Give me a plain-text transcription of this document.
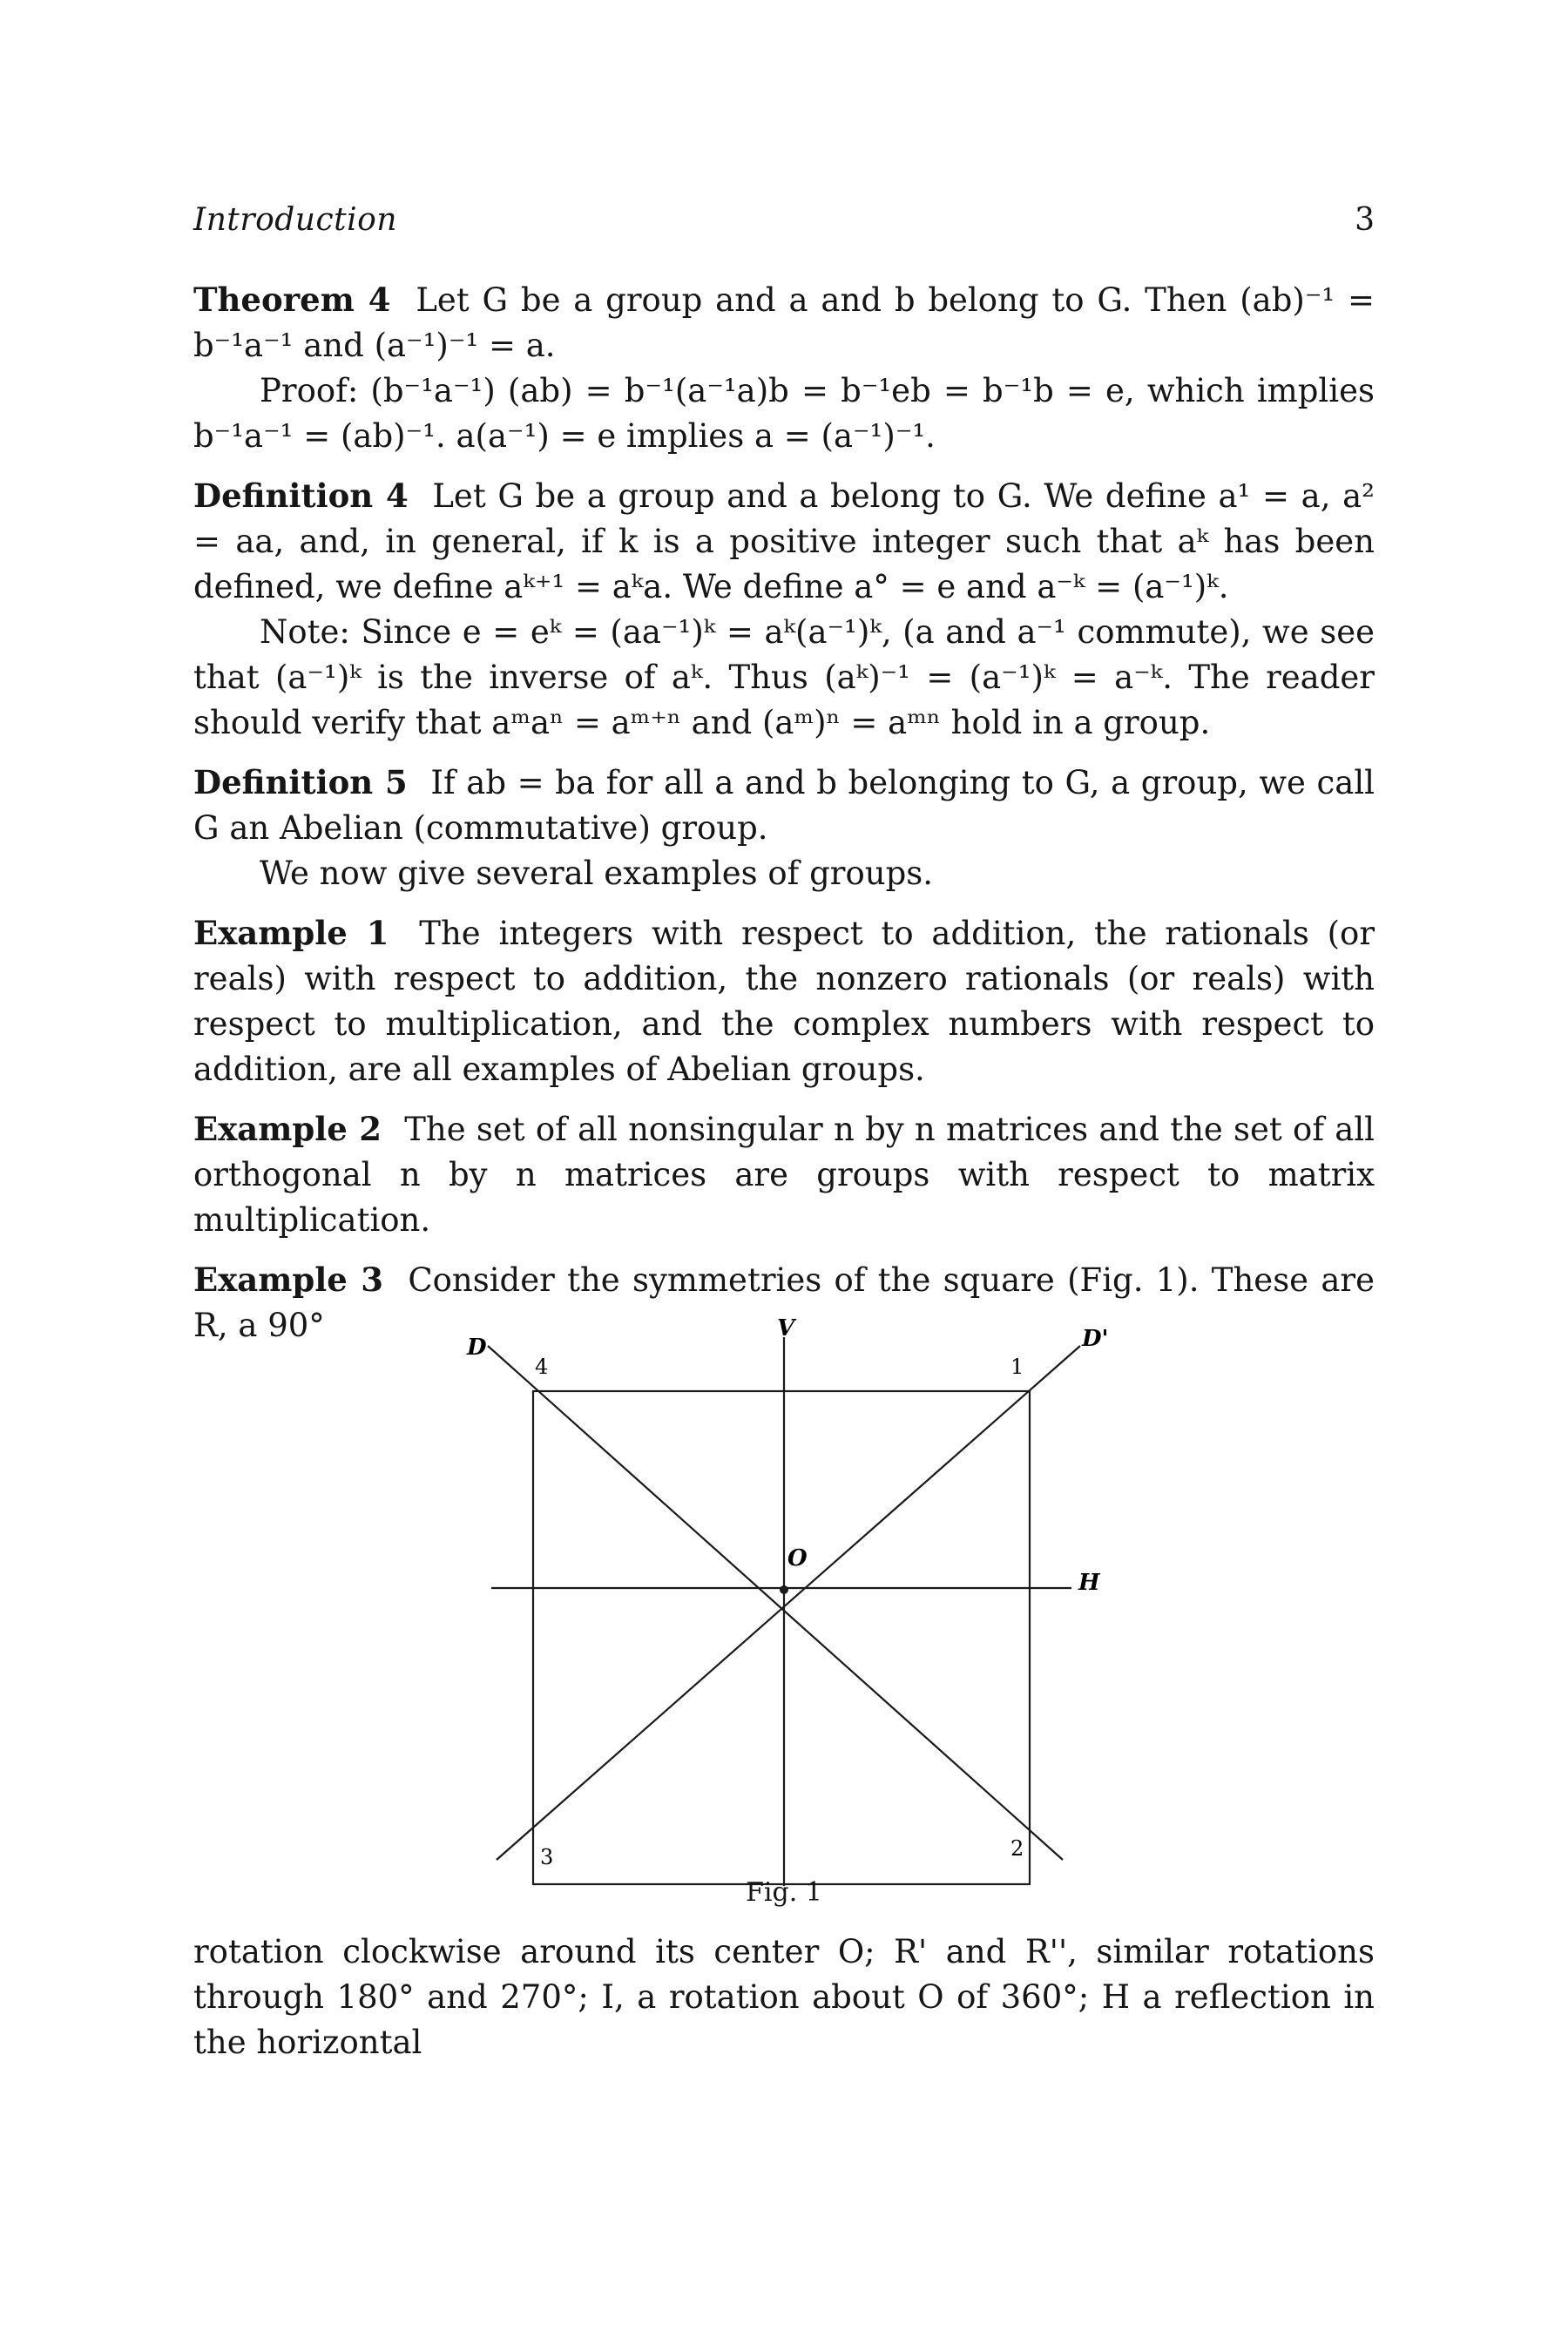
Introduction	3

Theorem 4 Let G be a group and a and b belong to G. Then (ab)⁻¹ = b⁻¹a⁻¹ and (a⁻¹)⁻¹ = a.

Proof: (b⁻¹a⁻¹) (ab) = b⁻¹(a⁻¹a)b = b⁻¹eb = b⁻¹b = e, which implies b⁻¹a⁻¹ = (ab)⁻¹. a(a⁻¹) = e implies a = (a⁻¹)⁻¹.

Definition 4 Let G be a group and a belong to G. We define a¹ = a, a² = aa, and, in general, if k is a positive integer such that aᵏ has been defined, we define aᵏ⁺¹ = aᵏa. We define a° = e and a⁻ᵏ = (a⁻¹)ᵏ.

Note: Since e = eᵏ = (aa⁻¹)ᵏ = aᵏ(a⁻¹)ᵏ, (a and a⁻¹ commute), we see that (a⁻¹)ᵏ is the inverse of aᵏ. Thus (aᵏ)⁻¹ = (a⁻¹)ᵏ = a⁻ᵏ. The reader should verify that aᵐaⁿ = aᵐ⁺ⁿ and (aᵐ)ⁿ = aᵐⁿ hold in a group.

Definition 5 If ab = ba for all a and b belonging to G, a group, we call G an Abelian (commutative) group.

We now give several examples of groups.

Example 1 The integers with respect to addition, the rationals (or reals) with respect to addition, the nonzero rationals (or reals) with respect to multiplication, and the complex numbers with respect to addition, are all examples of Abelian groups.

Example 2 The set of all nonsingular n by n matrices and the set of all orthogonal n by n matrices are groups with respect to matrix multiplication.

Example 3 Consider the symmetries of the square (Fig. 1). These are R, a 90°

D
V	D'
H
O
4	1
3	2
Fig. 1

rotation clockwise around its center O; R' and R'', similar rotations through 180° and 270°; I, a rotation about O of 360°; H a reflection in the horizontal
